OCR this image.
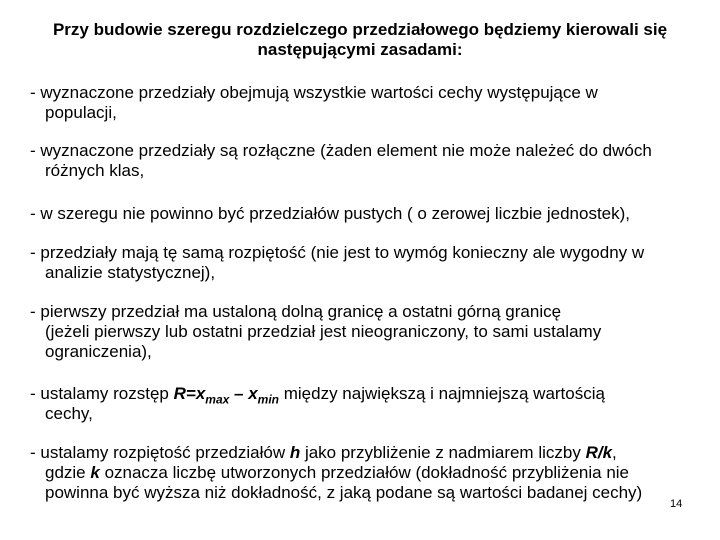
Przy budowie szeregu rozdzielczego przedziałowego będziemy kierowali się
następującymi zasadami:
- wyznaczone przedziały obejmują wszystkie wartości cechy występujące w
populacji,
- wyznaczone przedziały są rozłączne (żaden element nie może należeć do dwóch
różnych klas,
- w szeregu nie powinno być przedziałów pustych ( o zerowej liczbie jednostek),
- przedziały mają tę samą rozpiętość (nie jest to wymóg konieczny ale wygodny w
analizie statystycznej),
- pierwszy przedział ma ustaloną dolną granicę a ostatni górną granicę
(jeżeli pierwszy lub ostatni przedział jest nieograniczony, to sami ustalamy
ograniczenia),
- ustalamy rozstęp $R=x_{max} - x_{min}$ między największą i najmniejszą wartością
cechy,
- ustalamy rozpiętość przedziałów h jako przybliżenie z nadmiarem liczby R/k,
gdzie k oznacza liczbę utworzonych przedziałów (dokładność przybliżenia nie
powinna być wyższa niż dokładność, z jaką podane są wartości badanej cechy)
14
